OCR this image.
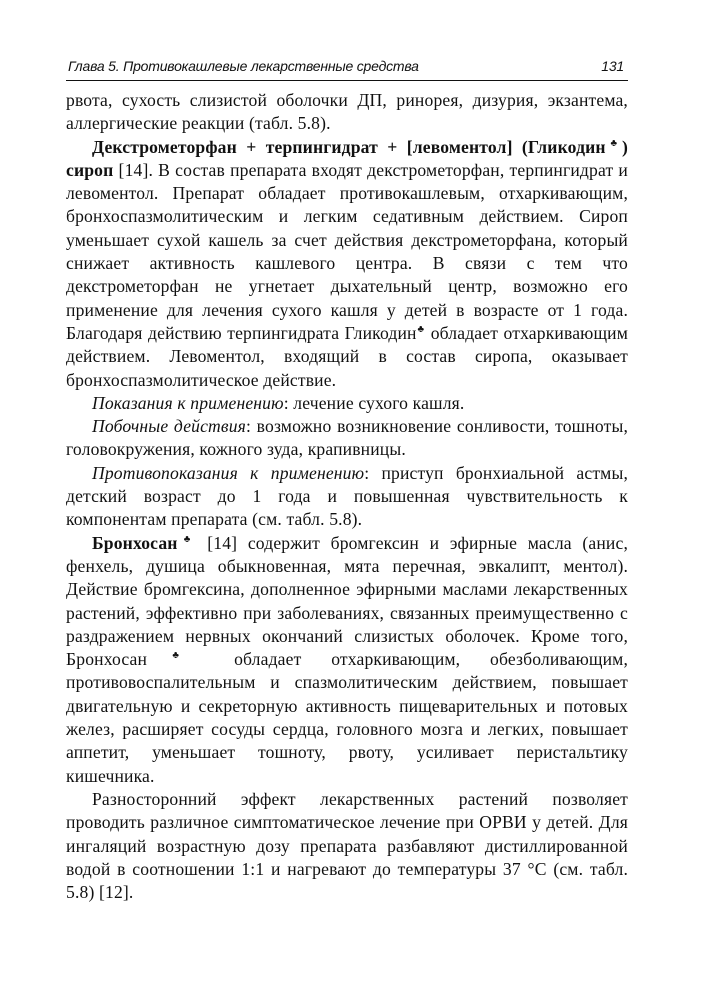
Глава 5. Противокашлевые лекарственные средства	131

рвота, сухость слизистой оболочки ДП, ринорея, дизурия, экзантема, аллергические реакции (табл. 5.8).

Декстрометорфан + терпингидрат + [левоментол] (Гликодин♣) сироп [14]. В состав препарата входят декстрометорфан, терпингидрат и левоментол. Препарат обладает противокашлевым, отхаркивающим, бронхоспазмолитическим и легким седативным действием. Сироп уменьшает сухой кашель за счет действия декстрометорфана, который снижает активность кашлевого центра. В связи с тем что декстрометорфан не угнетает дыхательный центр, возможно его применение для лечения сухого кашля у детей в возрасте от 1 года. Благодаря действию терпингидрата Гликодин♣ обладает отхаркивающим действием. Левоментол, входящий в состав сиропа, оказывает бронхоспазмолитическое действие.

Показания к применению: лечение сухого кашля.

Побочные действия: возможно возникновение сонливости, тошноты, головокружения, кожного зуда, крапивницы.

Противопоказания к применению: приступ бронхиальной астмы, детский возраст до 1 года и повышенная чувствительность к компонентам препарата (см. табл. 5.8).

Бронхосан♣ [14] содержит бромгексин и эфирные масла (анис, фенхель, душица обыкновенная, мята перечная, эвкалипт, ментол). Действие бромгексина, дополненное эфирными маслами лекарственных растений, эффективно при заболеваниях, связанных преимущественно с раздражением нервных окончаний слизистых оболочек. Кроме того, Бронхосан♣ обладает отхаркивающим, обезболивающим, противовоспалительным и спазмолитическим действием, повышает двигательную и секреторную активность пищеварительных и потовых желез, расширяет сосуды сердца, головного мозга и легких, повышает аппетит, уменьшает тошноту, рвоту, усиливает перистальтику кишечника.

Разносторонний эффект лекарственных растений позволяет проводить различное симптоматическое лечение при ОРВИ у детей. Для ингаляций возрастную дозу препарата разбавляют дистиллированной водой в соотношении 1:1 и нагревают до температуры 37 °С (см. табл. 5.8) [12].
